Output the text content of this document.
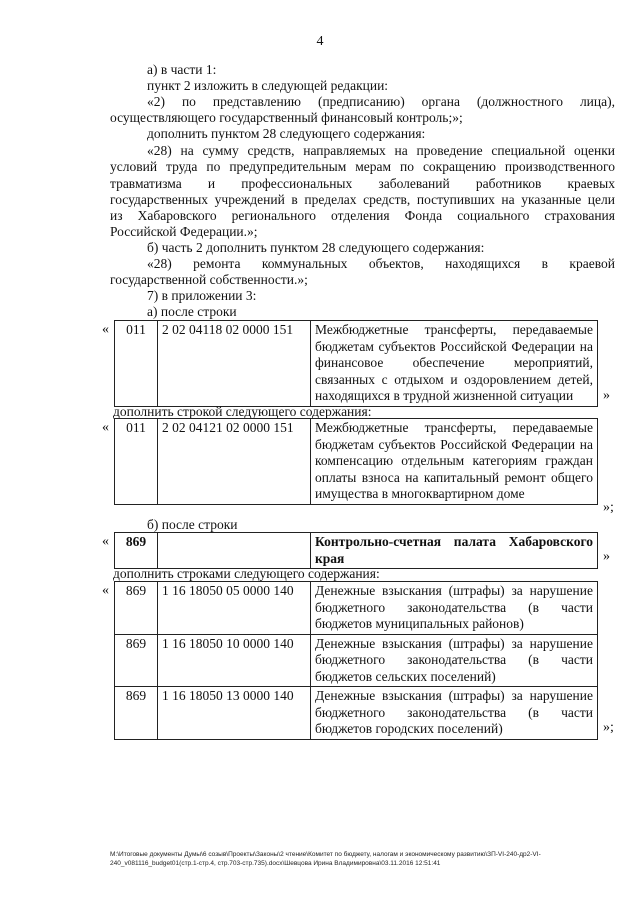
4
а) в части 1:
пункт 2 изложить в следующей редакции:
«2) по представлению (предписанию) органа (должностного лица),
осуществляющего государственный финансовый контроль;»;
дополнить пунктом 28 следующего содержания:
«28) на сумму средств, направляемых на проведение специальной оценки
условий труда по предупредительным мерам по сокращению производственного
травматизма и профессиональных заболеваний работников краевых
государственных учреждений в пределах средств, поступивших на указанные цели
из Хабаровского регионального отделения Фонда социального страхования
Российской Федерации.»;
б) часть 2 дополнить пунктом 28 следующего содержания:
«28) ремонта коммунальных объектов, находящихся в краевой
государственной собственности.»;
7) в приложении 3:
а) после строки
« 011	2 02 04118 02 0000 151	Межбюджетные трансферты, передаваемые бюджетам субъектов Российской Федерации на финансовое обеспечение мероприятий, связанных с отдыхом и оздоровлением детей, находящихся в трудной жизненной ситуации »
дополнить строкой следующего содержания:
« 011	2 02 04121 02 0000 151	Межбюджетные трансферты, передаваемые бюджетам субъектов Российской Федерации на компенсацию отдельным категориям граждан оплаты взноса на капитальный ремонт общего имущества в многоквартирном доме
»;
б) после строки
« 869		Контрольно-счетная палата Хабаровского края	»
дополнить строками следующего содержания:
« 869	1 16 18050 05 0000 140	Денежные взыскания (штрафы) за нарушение бюджетного законодательства (в части бюджетов муниципальных районов)
869	1 16 18050 10 0000 140	Денежные взыскания (штрафы) за нарушение бюджетного законодательства (в части бюджетов сельских поселений)
869	1 16 18050 13 0000 140	Денежные взыскания (штрафы) за нарушение бюджетного законодательства (в части бюджетов городских поселений)	»;
M:\Итоговые документы Думы\6 созыв\Проекты\Законы\2 чтение\Комитет по бюджету, налогам и экономическому развитию\ЗП-VI-240-др2-VI-
240_v081116_budget01(стр.1-стр.4, стр.703-стр.735).docx\Шевцова Ирина Владимировна\03.11.2016 12:51:41
